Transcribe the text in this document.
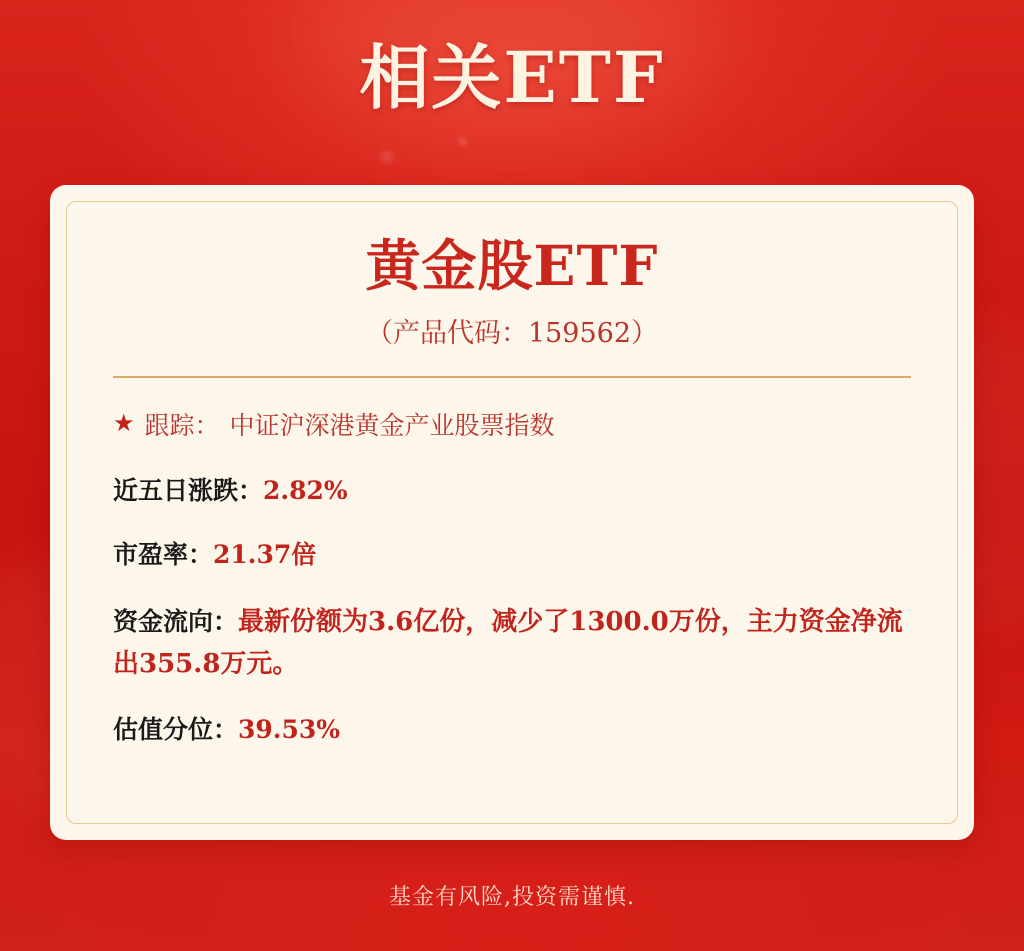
相关ETF
黄金股ETF
（产品代码：159562）
★ 跟踪： 中证沪深港黄金产业股票指数
近五日涨跌：2.82%
市盈率：21.37倍
资金流向：最新份额为3.6亿份，减少了1300.0万份，主力资金净流出355.8万元。
估值分位：39.53%
基金有风险,投资需谨慎.
